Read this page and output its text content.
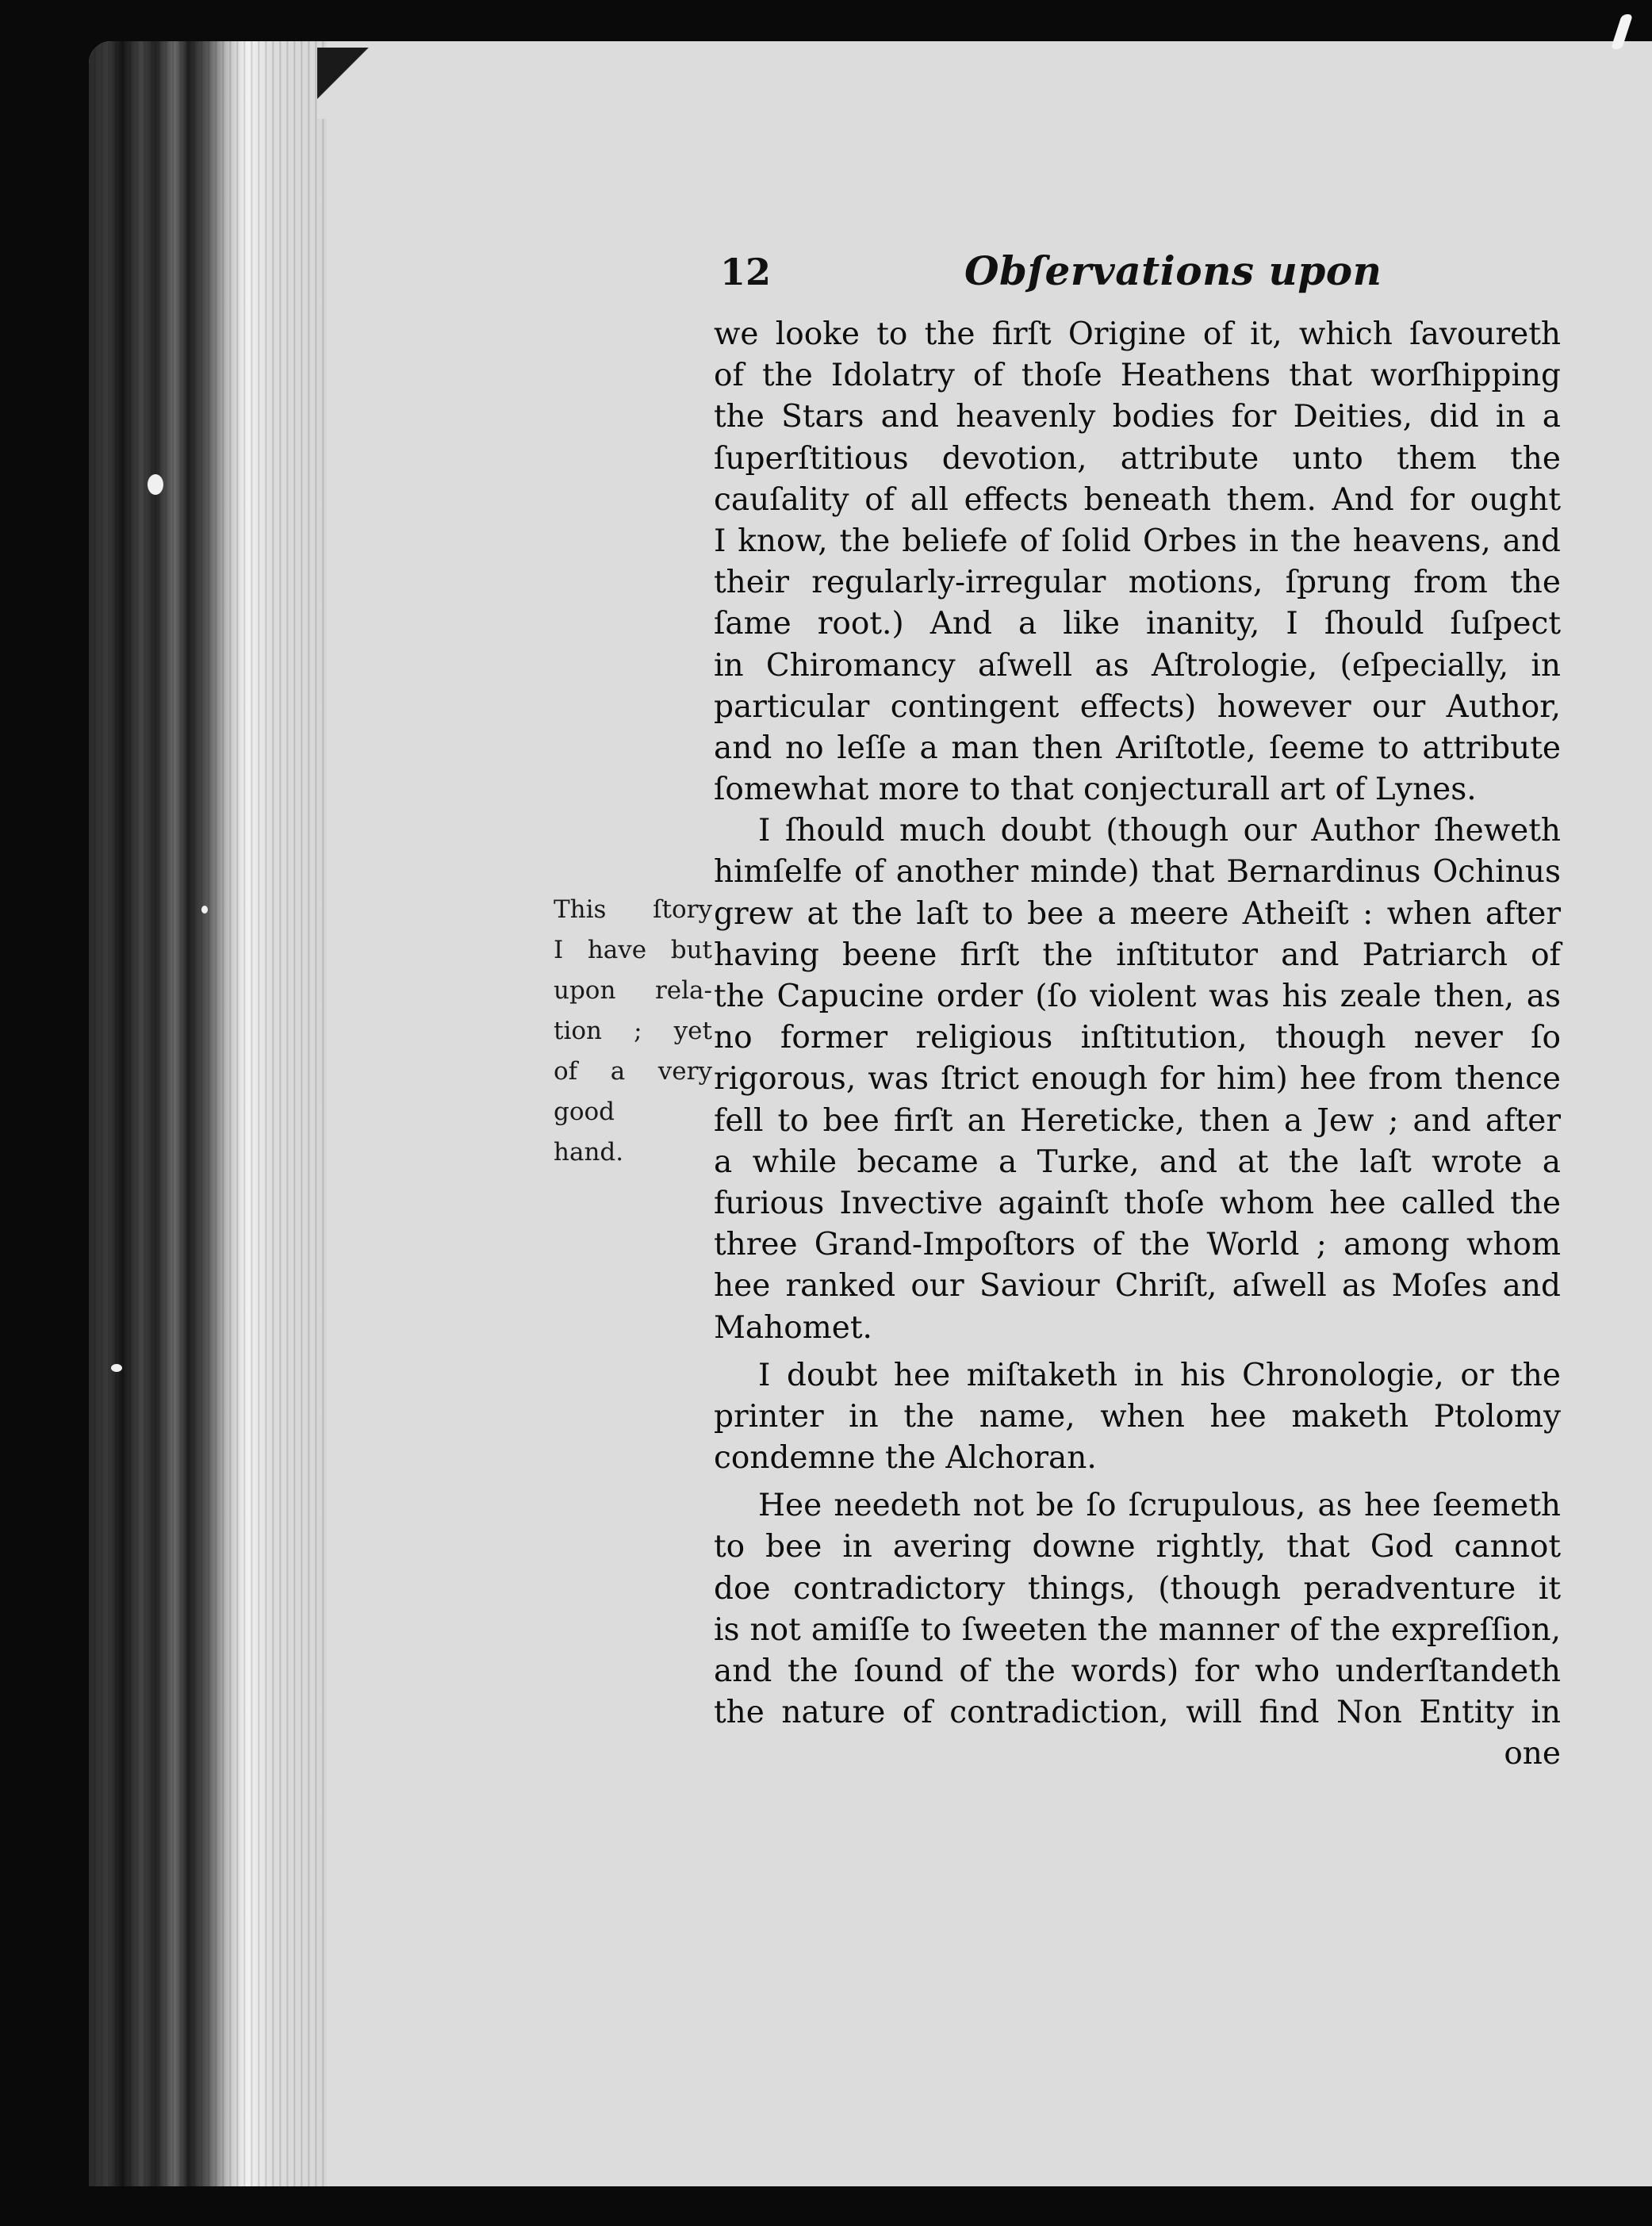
12	Obſervations upon
we looke to the firſt Origine of it, which ſavoureth
of the Idolatry of thoſe Heathens that worſhipping
the Stars and heavenly bodies for Deities, did in a
ſuperſtitious devotion, attribute unto them the
cauſality of all effects beneath them. And for ought
I know, the beliefe of ſolid Orbes in the heavens, and
their regularly-irregular motions, ſprung from the
ſame root.) And a like inanity, I ſhould ſuſpect
in Chiromancy aſwell as Aſtrologie, (eſpecially, in
particular contingent effects) however our Author,
and no leſſe a man then Ariſtotle, ſeeme to attribute
ſomewhat more to that conjecturall art of Lynes.
I ſhould much doubt (though our Author ſheweth
himſelfe of another minde) that Bernardinus Ochinus
grew at the laſt to bee a meere Atheiſt : when after
having beene firſt the inſtitutor and Patriarch of
the Capucine order (ſo violent was his zeale then, as
no former religious inſtitution, though never ſo
rigorous, was ſtrict enough for him) hee from thence
fell to bee firſt an Hereticke, then a Jew ; and after
a while became a Turke, and at the laſt wrote a
furious Invective againſt thoſe whom hee called the
three Grand-Impoſtors of the World ; among whom
hee ranked our Saviour Chriſt, aſwell as Moſes and
Mahomet.
I doubt hee miſtaketh in his Chronologie, or the
printer in the name, when hee maketh Ptolomy
condemne the Alchoran.
Hee needeth not be ſo ſcrupulous, as hee ſeemeth
to bee in avering downe rightly, that God cannot
doe contradictory things, (though peradventure it
is not amiſſe to ſweeten the manner of the expreſſion,
and the ſound of the words) for who underſtandeth
the nature of contradiction, will find Non Entity in
one
This ſtory
I have but
upon rela-
tion ; yet
of a very
good
hand.
